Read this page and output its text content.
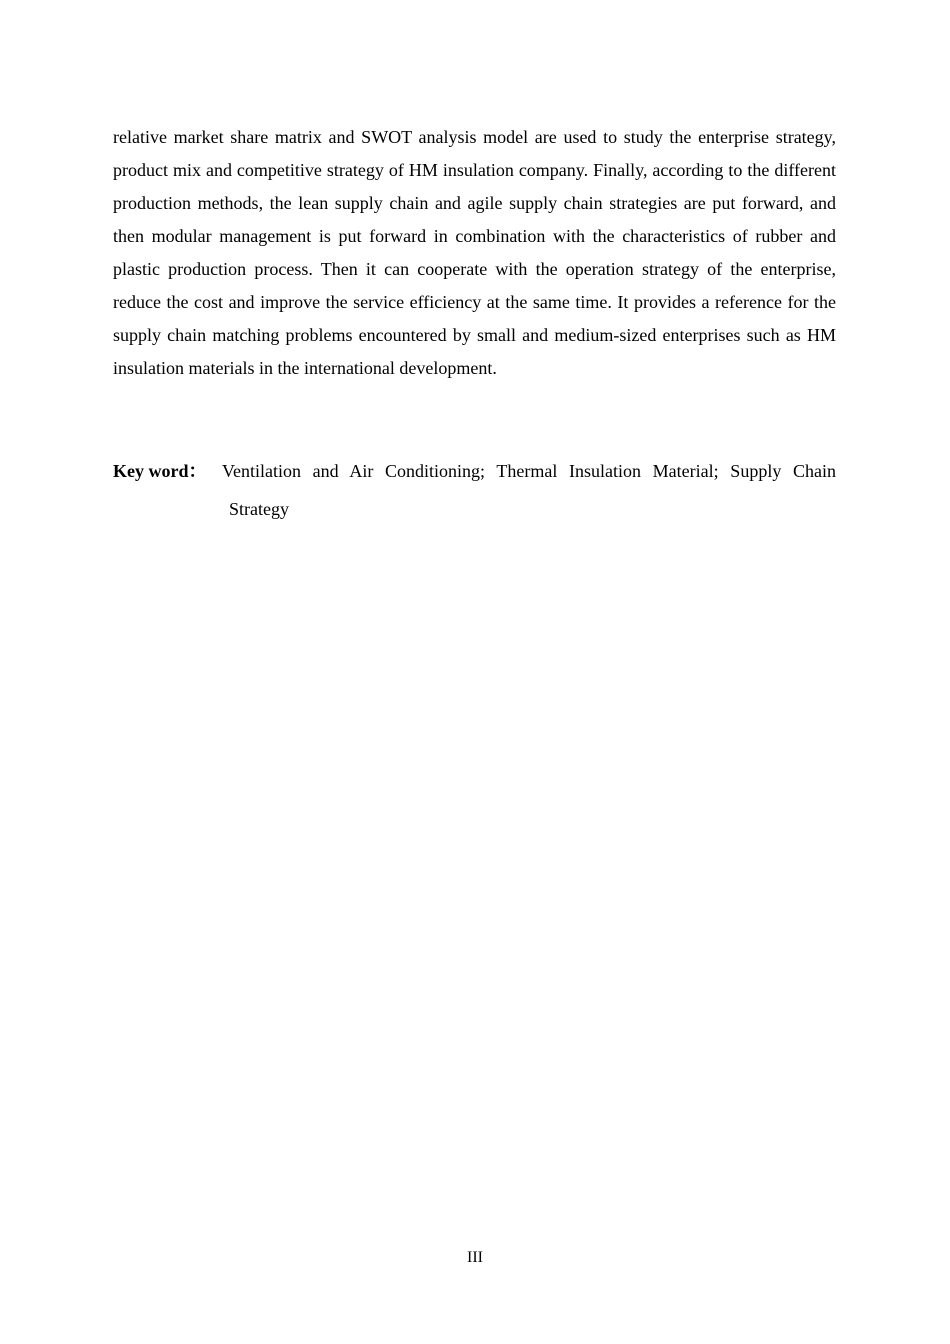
relative market share matrix and SWOT analysis model are used to study the enterprise strategy, product mix and competitive strategy of HM insulation company. Finally, according to the different production methods, the lean supply chain and agile supply chain strategies are put forward, and then modular management is put forward in combination with the characteristics of rubber and plastic production process. Then it can cooperate with the operation strategy of the enterprise, reduce the cost and improve the service efficiency at the same time. It provides a reference for the supply chain matching problems encountered by small and medium-sized enterprises such as HM insulation materials in the international development.

Key word： Ventilation and Air Conditioning; Thermal Insulation Material; Supply Chain
Strategy
III
